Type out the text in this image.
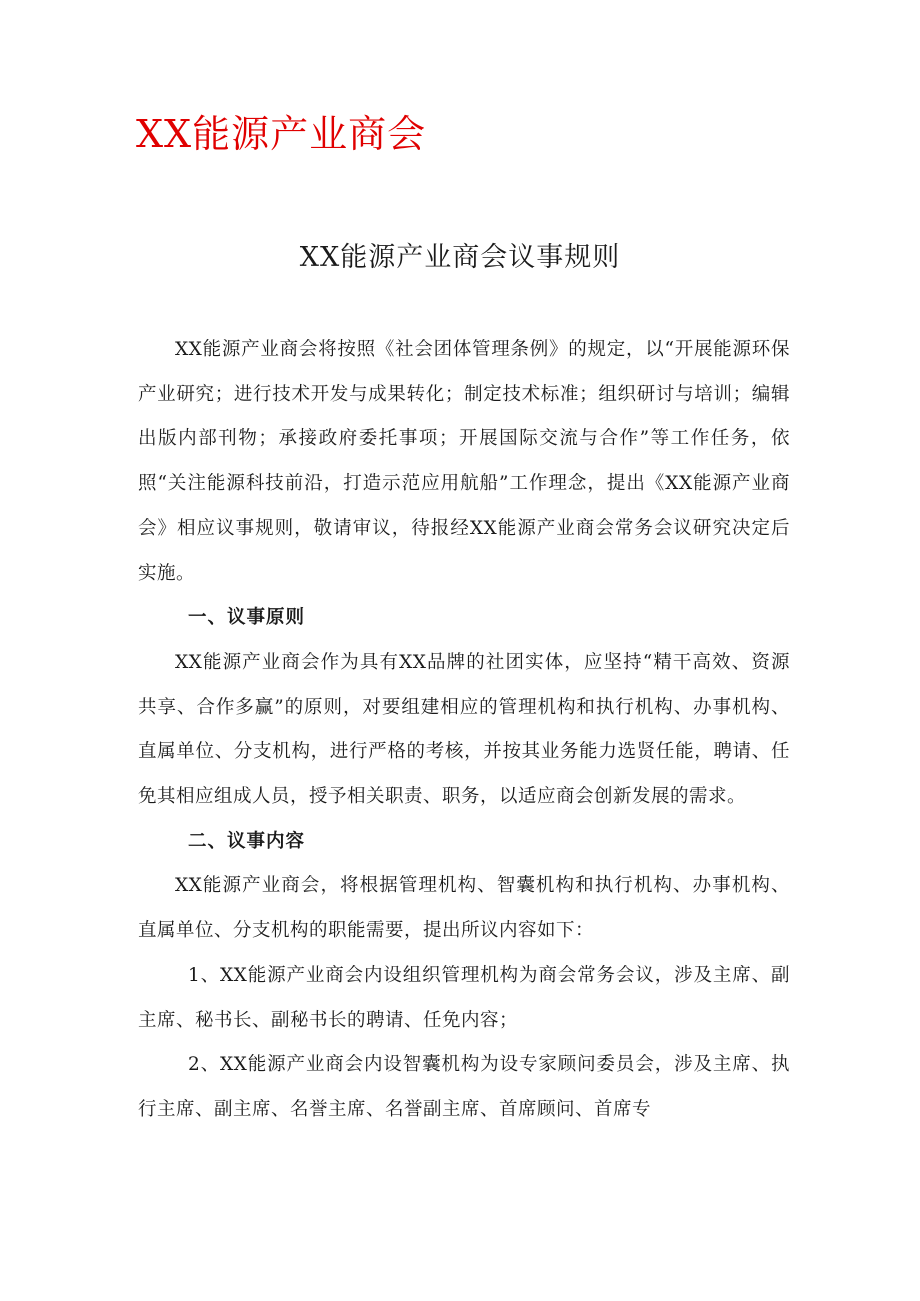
XX能源产业商会
XX能源产业商会议事规则

XX能源产业商会将按照《社会团体管理条例》的规定，以“开展能源环保产业研究；进行技术开发与成果转化；制定技术标准；组织研讨与培训；编辑出版内部刊物；承接政府委托事项；开展国际交流与合作”等工作任务，依照“关注能源科技前沿，打造示范应用航船”工作理念，提出《XX能源产业商会》相应议事规则，敬请审议，待报经XX能源产业商会常务会议研究决定后实施。

一、议事原则

XX能源产业商会作为具有XX品牌的社团实体，应坚持“精干高效、资源共享、合作多赢”的原则，对要组建相应的管理机构和执行机构、办事机构、直属单位、分支机构，进行严格的考核，并按其业务能力选贤任能，聘请、任免其相应组成人员，授予相关职责、职务，以适应商会创新发展的需求。

二、议事内容

XX能源产业商会，将根据管理机构、智囊机构和执行机构、办事机构、直属单位、分支机构的职能需要，提出所议内容如下：

1、XX能源产业商会内设组织管理机构为商会常务会议，涉及主席、副主席、秘书长、副秘书长的聘请、任免内容；

2、XX能源产业商会内设智囊机构为设专家顾问委员会，涉及主席、执行主席、副主席、名誉主席、名誉副主席、首席顾问、首席专
